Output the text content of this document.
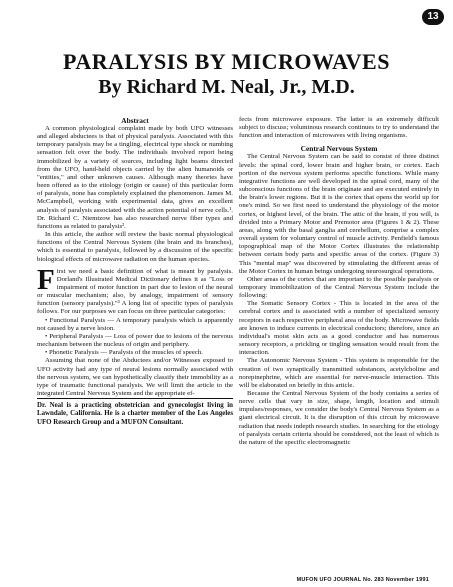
13
PARALYSIS BY MICROWAVES
By Richard M. Neal, Jr., M.D.

Abstract

A common physiological complaint made by both UFO witnesses and alleged abductees is that of physical paralysis. Associated with this temporary paralysis may be a tingling, electrical type shock or numbing sensation felt over the body. The individuals involved report being immobilized by a variety of sources, including light beams directed from the UFO, hand-held objects carried by the alien humanoids or "entities," and other unknown causes. Although many theories have been offered as to the etiology (origin or cause) of this particular form of paralysis, none has completely explained the phenomenon. James M. McCampbell, working with experimental data, gives an excellent analysis of paralysis associated with the action potential of nerve cells.¹. Dr. Richard C. Niemtzow has also researched nerve fiber types and functions as related to paralysis².

In this article, the author will review the basic normal physiological functions of the Central Nervous System (the brain and its branches), which is essential to paralysis, followed by a discussion of the specific biological effects of microwave radiation on the human species.

First we need a basic definition of what is meant by paralysis. Dorland's Illustrated Medical Dictionary defines it as "Loss or impairment of motor function in part due to lesion of the neural or muscular mechanism; also, by analogy, impairment of sensory function (sensory paralysis)."³ A long list of specific types of paralysis follows. For our purposes we can focus on three particular categories:

• Functional Paralysis — A temporary paralysis which is apparently not caused by a nerve lesion.

• Peripheral Paralysis — Loss of power due to lesions of the nervous mechanism between the nucleus of origin and periphery.

• Phonetic Paralysis — Paralysis of the muscles of speech.

Assuming that none of the Abductees and/or Witnesses exposed to UFO activity had any type of neural lesions normally associated with the nervous system, we can hypothetically classify their immobility as a type of traumatic functional paralysis. We will limit the article to the integrated Central Nervous System and the appropriate ef-

Dr. Neal is a practicing obstetrician and gynecologist living in Lawndale, California. He is a charter member of the Los Angeles UFO Research Group and a MUFON Consultant.

fects from microwave exposure. The latter is an extremely difficult subject to discuss; voluminous research continues to try to understand the function and interaction of microwaves with living organisms.

Central Nervous System

The Central Nervous System can be said to consist of three distinct levels: the spinal cord, lower brain and higher brain, or cortex. Each portion of the nervous system performs specific functions. While many integrative functions are well developed in the spinal cord, many of the subconscious functions of the brain originate and are executed entirely in the brain's lower regions. But it is the cortex that opens the world up for one's mind. So we first need to understand the physiology of the motor cortex, or highest level, of the brain. The attic of the brain, if you will, is divided into a Primary Motor and Premotor area (Figures 1 & 2). These areas, along with the basal ganglia and cerebellum, comprise a complex overall system for voluntary control of muscle activity. Penfield's famous topographical map of the Motor Cortex illustrates the relationship between certain body parts and specific areas of the cortex. (Figure 3) This "mental map" was discovered by stimulating the different areas of the Motor Cortex in human beings undergoing neurosurgical operations.

Other areas of the cortex that are important to the possible paralysis or temporary immobilization of the Central Nervous System include the following:

The Somatic Sensory Cortex - This is located in the area of the cerebral cortex and is associated with a number of specialized sensory receptors in each respective peripheral area of the body. Microwave fields are known to induce currents in electrical conductors; therefore, since an individual's moist skin acts as a good conductor and has numerous sensory receptors, a prickling or tingling sensation would result from the interaction.

The Autonomic Nervous System - This system is responsible for the creation of two synaptically transmitted substances, acetylcholine and norepinephrine, which are essential for nerve-muscle interaction. This will be elaborated on briefly in this article.

Because the Central Nervous System of the body contains a series of nerve cells that vary in size, shape, length, location and stimuli impulses/responses, we consider the body's Central Nervous System as a giant electrical circuit. It is the disruption of this circuit by microwave radiation that needs indepth research studies. In searching for the etiology of paralysis certain criteria should be considered, not the least of which is the nature of the specific electromagnetic

MUFON UFO JOURNAL No. 283 November 1991
